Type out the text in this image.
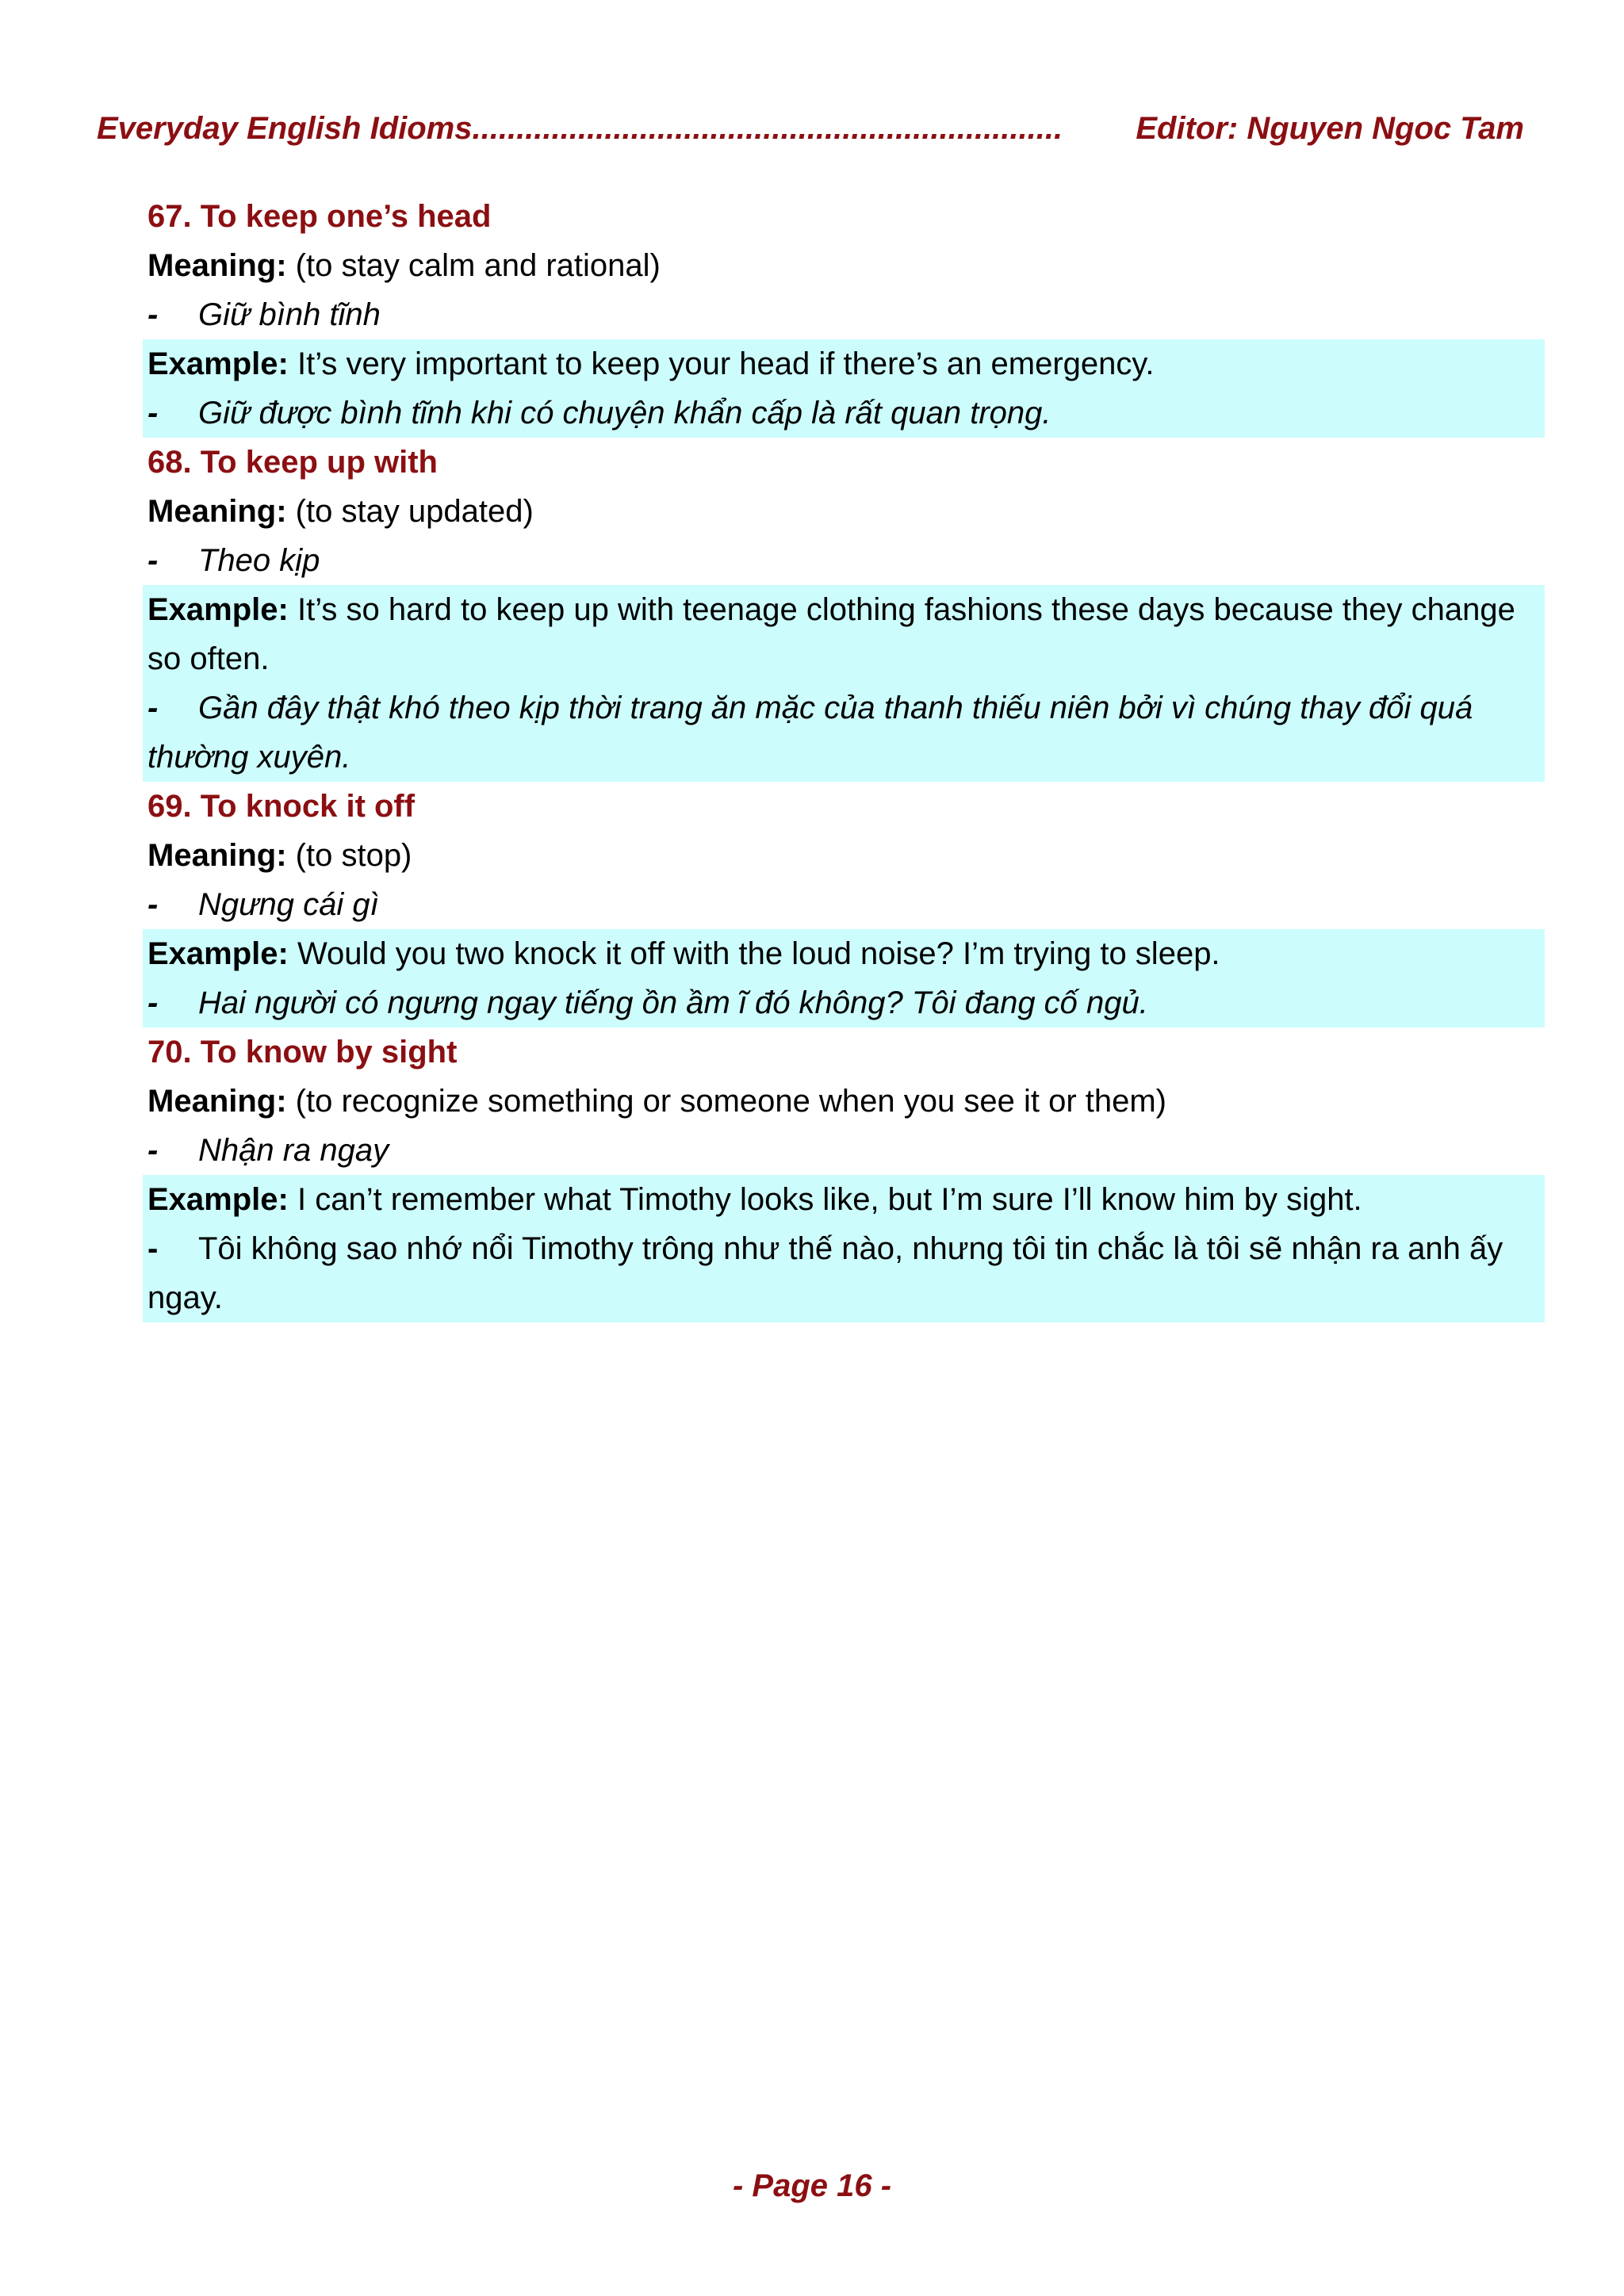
Everyday English Idioms ...................................................................	Editor: Nguyen Ngoc Tam
67. To keep one’s head
Meaning: (to stay calm and rational)
- Giữ bình tĩnh
Example: It’s very important to keep your head if there’s an emergency.
- Giữ được bình tĩnh khi có chuyện khẩn cấp là rất quan trọng.
68. To keep up with
Meaning: (to stay updated)
- Theo kịp
Example: It’s so hard to keep up with teenage clothing fashions these days because they change so often.
- Gần đây thật khó theo kịp thời trang ăn mặc của thanh thiếu niên bởi vì chúng thay đổi quá thường xuyên.
69. To knock it off
Meaning: (to stop)
- Ngưng cái gì
Example: Would you two knock it off with the loud noise? I’m trying to sleep.
- Hai người có ngưng ngay tiếng ồn ầm ĩ đó không? Tôi đang cố ngủ.
70. To know by sight
Meaning: (to recognize something or someone when you see it or them)
- Nhận ra ngay
Example: I can’t remember what Timothy looks like, but I’m sure I’ll know him by sight.
- Tôi không sao nhớ nổi Timothy trông như thế nào, nhưng tôi tin chắc là tôi sẽ nhận ra anh ấy ngay.
- Page 16 -
